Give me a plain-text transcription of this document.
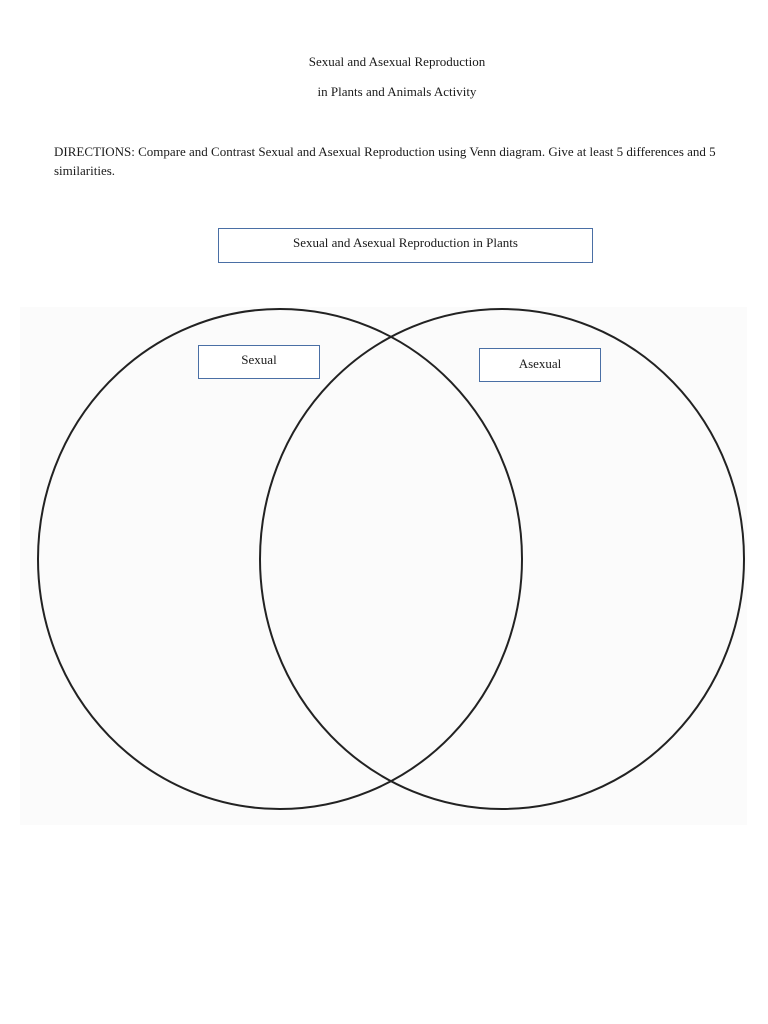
Sexual and Asexual Reproduction
in Plants and Animals Activity
DIRECTIONS: Compare and Contrast Sexual and Asexual Reproduction using Venn diagram. Give at least 5 differences and 5 similarities.
Sexual and Asexual Reproduction in Plants
Sexual	Asexual
